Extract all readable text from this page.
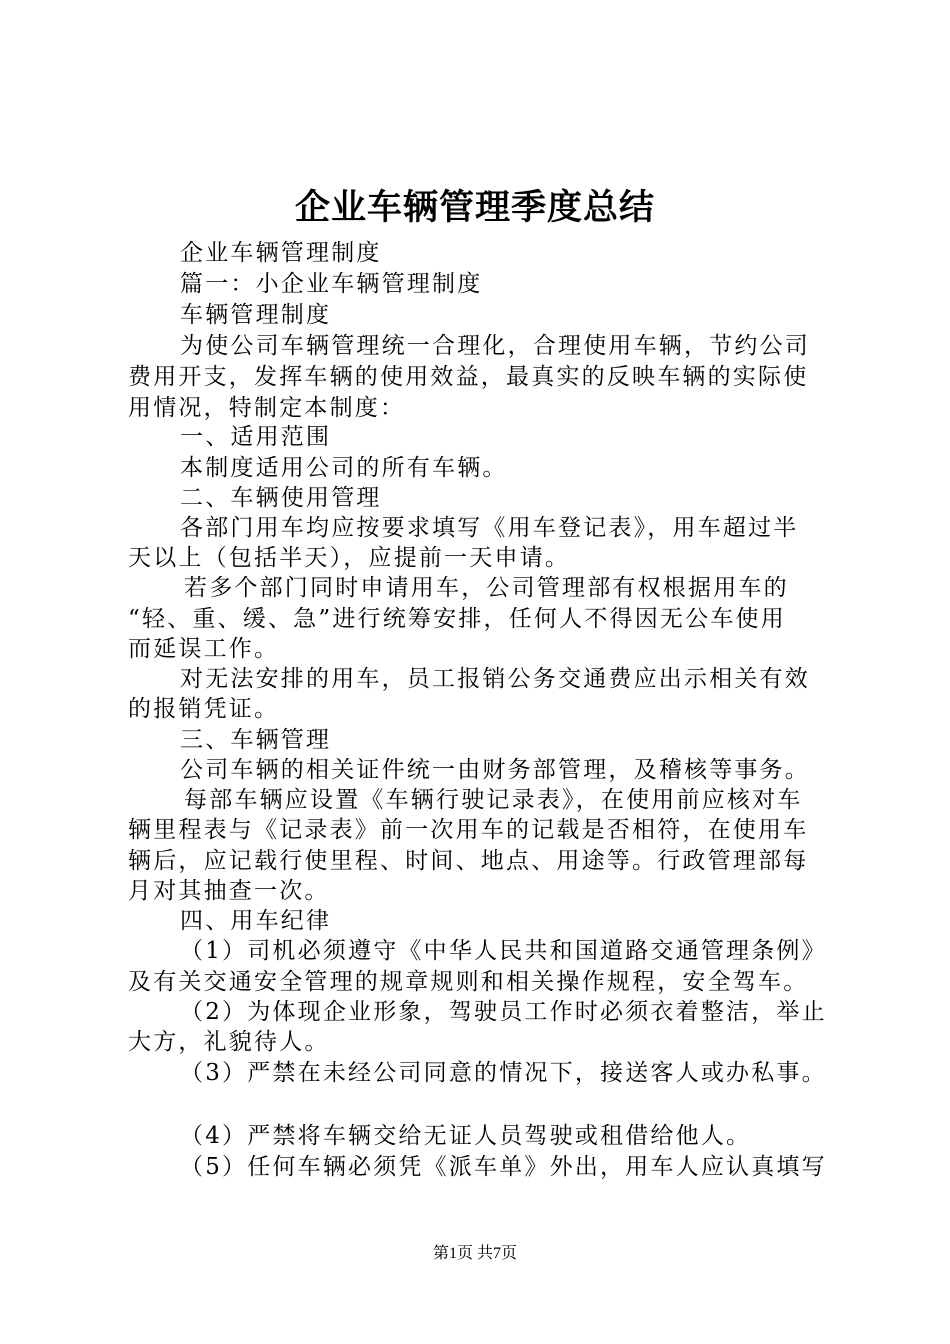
企业车辆管理季度总结
企业车辆管理制度
篇一：小企业车辆管理制度
车辆管理制度
为使公司车辆管理统一合理化，合理使用车辆，节约公司
费用开支，发挥车辆的使用效益，最真实的反映车辆的实际使
用情况，特制定本制度：
一、适用范围
本制度适用公司的所有车辆。
二、车辆使用管理
各部门用车均应按要求填写《用车登记表》，用车超过半
天以上（包括半天），应提前一天申请。
若多个部门同时申请用车，公司管理部有权根据用车的
“轻、重、缓、急”进行统筹安排，任何人不得因无公车使用
而延误工作。
对无法安排的用车，员工报销公务交通费应出示相关有效
的报销凭证。
三、车辆管理
公司车辆的相关证件统一由财务部管理，及稽核等事务。
每部车辆应设置《车辆行驶记录表》，在使用前应核对车
辆里程表与《记录表》前一次用车的记载是否相符，在使用车
辆后，应记载行使里程、时间、地点、用途等。行政管理部每
月对其抽查一次。
四、用车纪律
（1）司机必须遵守《中华人民共和国道路交通管理条例》
及有关交通安全管理的规章规则和相关操作规程，安全驾车。
（2）为体现企业形象，驾驶员工作时必须衣着整洁，举止
大方，礼貌待人。
（3）严禁在未经公司同意的情况下，接送客人或办私事。
（4）严禁将车辆交给无证人员驾驶或租借给他人。
（5）任何车辆必须凭《派车单》外出，用车人应认真填写
第1页 共7页
